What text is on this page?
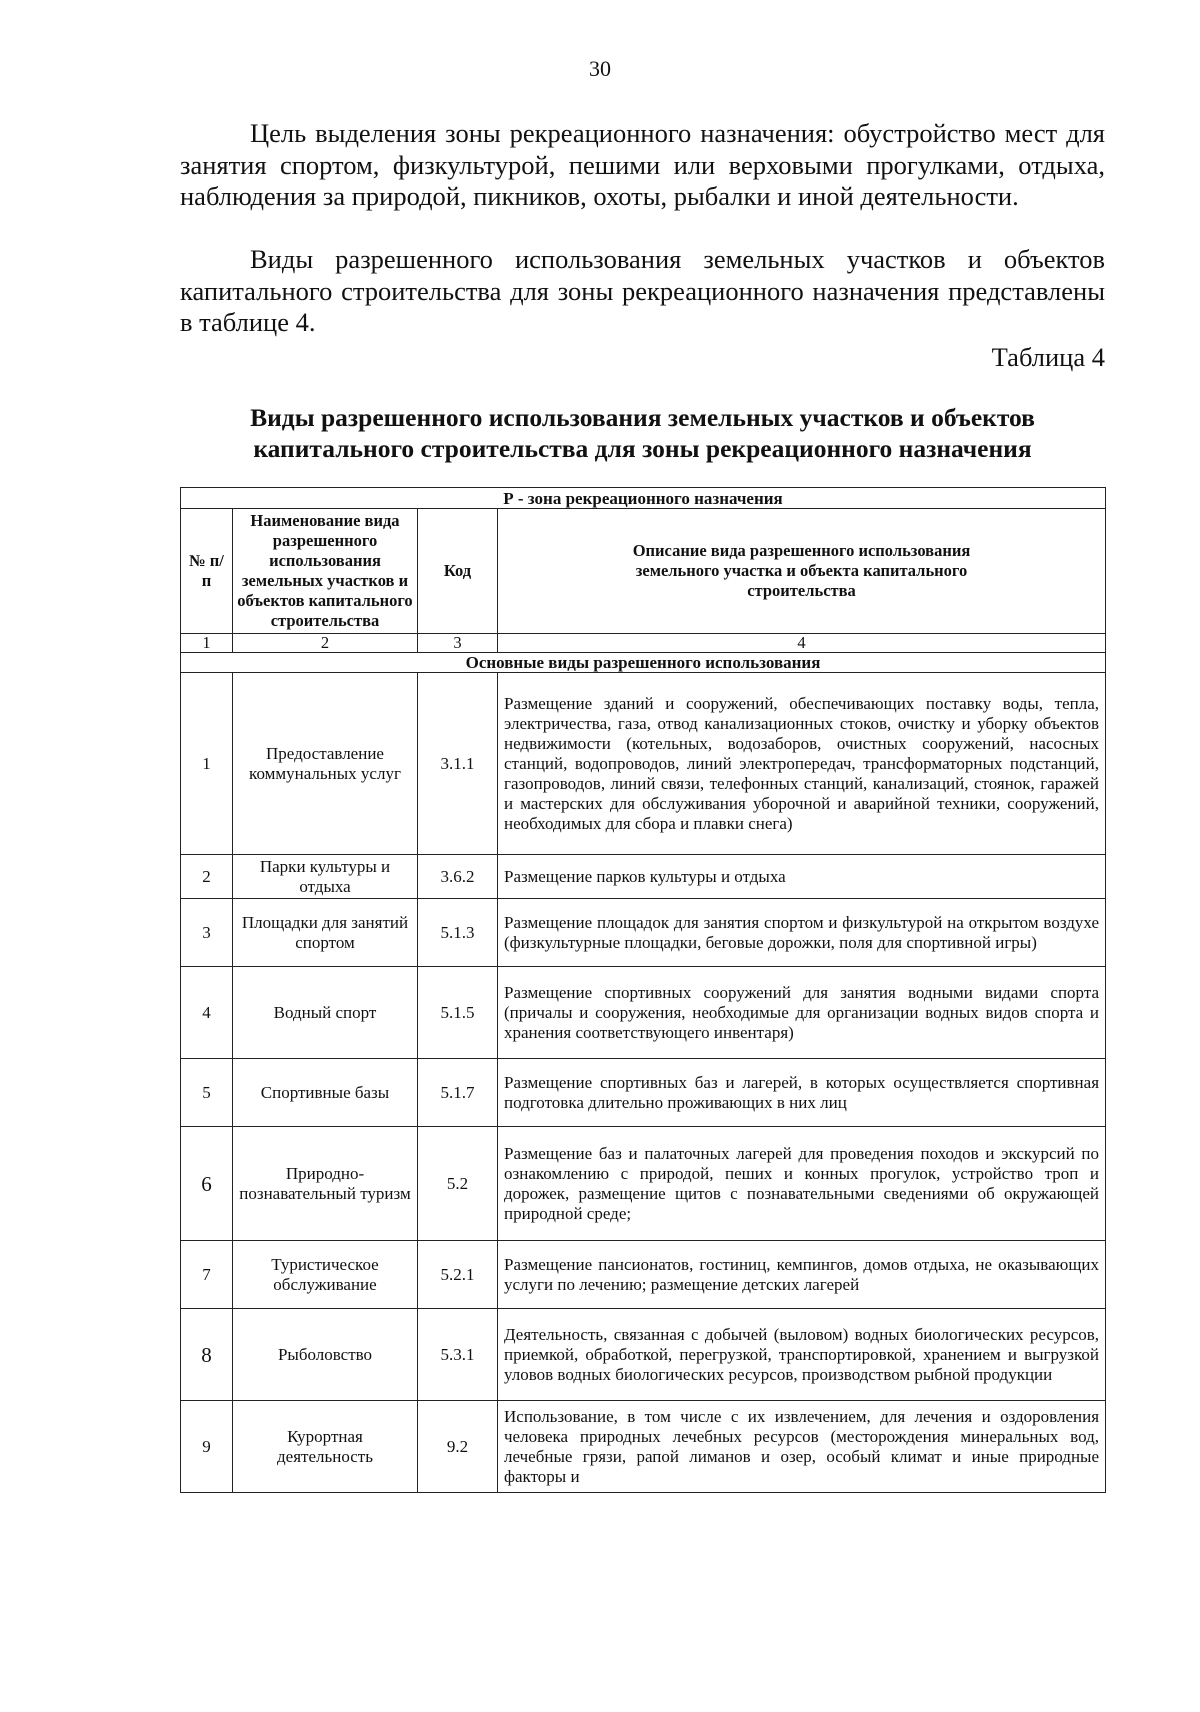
30

Цель выделения зоны рекреационного назначения: обустройство мест для занятия спортом, физкультурой, пешими или верховыми прогулками, отдыха, наблюдения за природой, пикников, охоты, рыбалки и иной деятельности.

Виды разрешенного использования земельных участков и объектов капитального строительства для зоны рекреационного назначения представлены в таблице 4.

Таблица 4
Виды разрешенного использования земельных участков и объектов
капитального строительства для зоны рекреационного назначения
Р - зона рекреационного назначения			
№ п/п	Наименование вида разрешенного использования земельных участков и объектов капитального строительства	Код	Описание вида разрешенного использования земельного участка и объекта капитального строительства
1	2	3	4
Основные виды разрешенного использования			
1	Предоставление коммунальных услуг	3.1.1	Размещение зданий и сооружений, обеспечивающих поставку воды, тепла, электричества, газа, отвод канализационных стоков, очистку и уборку объектов недвижимости (котельных, водозаборов, очистных сооружений, насосных станций, водопроводов, линий электропередач, трансформаторных подстанций, газопроводов, линий связи, телефонных станций, канализаций, стоянок, гаражей и мастерских для обслуживания уборочной и аварийной техники, сооружений, необходимых для сбора и плавки снега)
2	Парки культуры и отдыха	3.6.2	Размещение парков культуры и отдыха
3	Площадки для занятий спортом	5.1.3	Размещение площадок для занятия спортом и физкультурой на открытом воздухе (физкультурные площадки, беговые дорожки, поля для спортивной игры)
4	Водный спорт	5.1.5	Размещение спортивных сооружений для занятия водными видами спорта (причалы и сооружения, необходимые для организации водных видов спорта и хранения соответствующего инвентаря)
5	Спортивные базы	5.1.7	Размещение спортивных баз и лагерей, в которых осуществляется спортивная подготовка длительно проживающих в них лиц
6	Природно-познавательный туризм	5.2	Размещение баз и палаточных лагерей для проведения походов и экскурсий по ознакомлению с природой, пеших и конных прогулок, устройство троп и дорожек, размещение щитов с познавательными сведениями об окружающей природной среде;
7	Туристическое обслуживание	5.2.1	Размещение пансионатов, гостиниц, кемпингов, домов отдыха, не оказывающих услуги по лечению; размещение детских лагерей
8	Рыболовство	5.3.1	Деятельность, связанная с добычей (выловом) водных биологических ресурсов, приемкой, обработкой, перегрузкой, транспортировкой, хранением и выгрузкой уловов водных биологических ресурсов, производством рыбной продукции
9	Курортная деятельность	9.2	Использование, в том числе с их извлечением, для лечения и оздоровления человека природных лечебных ресурсов (месторождения минеральных вод, лечебные грязи, рапой лиманов и озер, особый климат и иные природные факторы и
